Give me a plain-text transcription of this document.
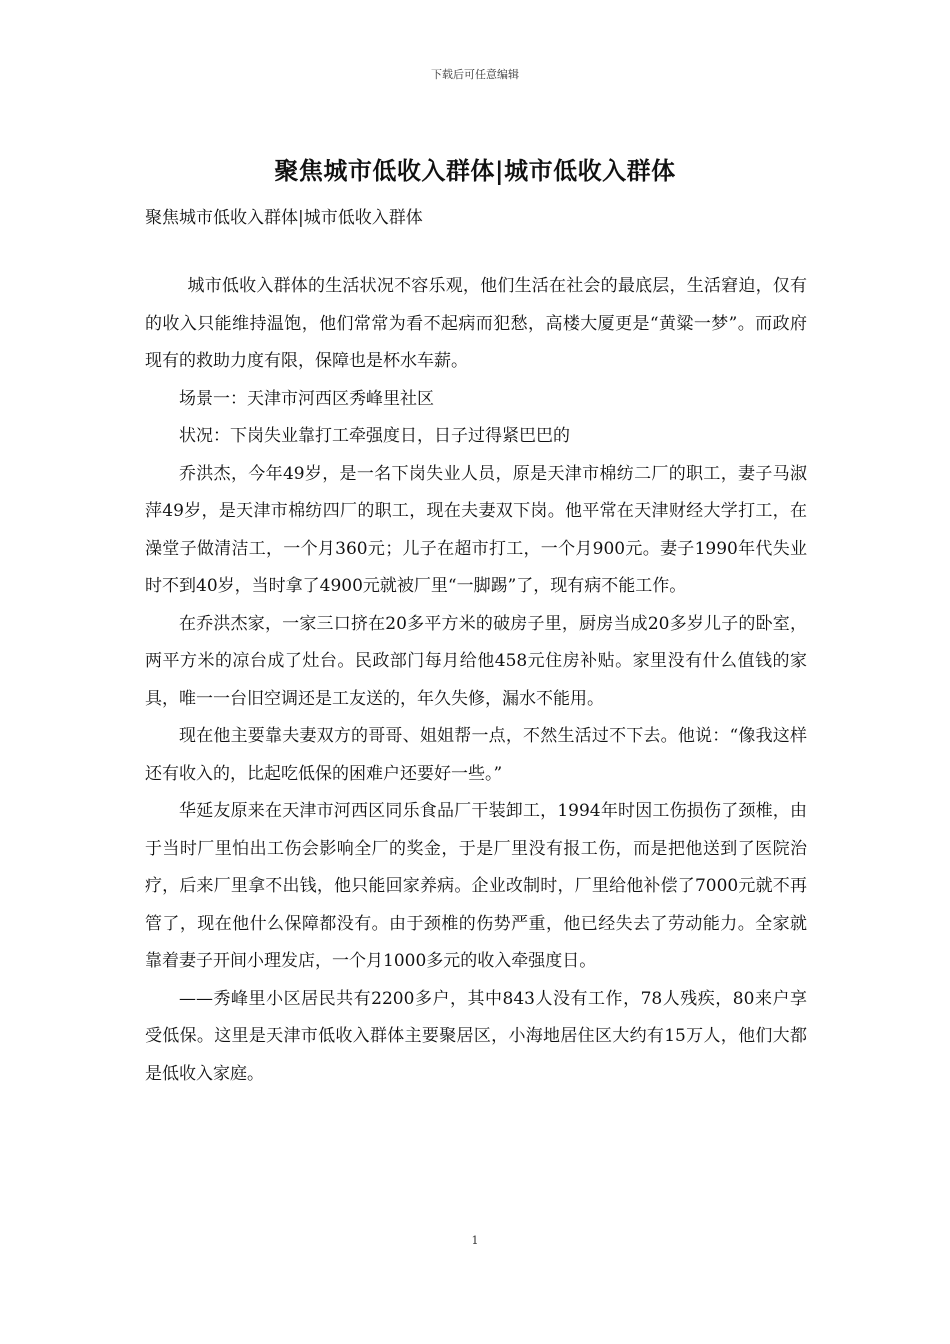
下载后可任意编辑
聚焦城市低收入群体|城市低收入群体
聚焦城市低收入群体|城市低收入群体

城市低收入群体的生活状况不容乐观，他们生活在社会的最底层，生活窘迫，仅有的收入只能维持温饱，他们常常为看不起病而犯愁，高楼大厦更是“黄粱一梦”。而政府现有的救助力度有限，保障也是杯水车薪。

场景一：天津市河西区秀峰里社区

状况：下岗失业靠打工牵强度日，日子过得紧巴巴的

乔洪杰，今年49岁，是一名下岗失业人员，原是天津市棉纺二厂的职工，妻子马淑萍49岁，是天津市棉纺四厂的职工，现在夫妻双下岗。他平常在天津财经大学打工，在澡堂子做清洁工，一个月360元；儿子在超市打工，一个月900元。妻子1990年代失业时不到40岁，当时拿了4900元就被厂里“一脚踢”了，现有病不能工作。

在乔洪杰家，一家三口挤在20多平方米的破房子里，厨房当成20多岁儿子的卧室，两平方米的凉台成了灶台。民政部门每月给他458元住房补贴。家里没有什么值钱的家具，唯一一台旧空调还是工友送的，年久失修，漏水不能用。

现在他主要靠夫妻双方的哥哥、姐姐帮一点，不然生活过不下去。他说：“像我这样还有收入的，比起吃低保的困难户还要好一些。”

华延友原来在天津市河西区同乐食品厂干装卸工，1994年时因工伤损伤了颈椎，由于当时厂里怕出工伤会影响全厂的奖金，于是厂里没有报工伤，而是把他送到了医院治疗，后来厂里拿不出钱，他只能回家养病。企业改制时，厂里给他补偿了7000元就不再管了，现在他什么保障都没有。由于颈椎的伤势严重，他已经失去了劳动能力。全家就靠着妻子开间小理发店，一个月1000多元的收入牵强度日。

——秀峰里小区居民共有2200多户，其中843人没有工作，78人残疾，80来户享受低保。这里是天津市低收入群体主要聚居区，小海地居住区大约有15万人，他们大都是低收入家庭。

1
